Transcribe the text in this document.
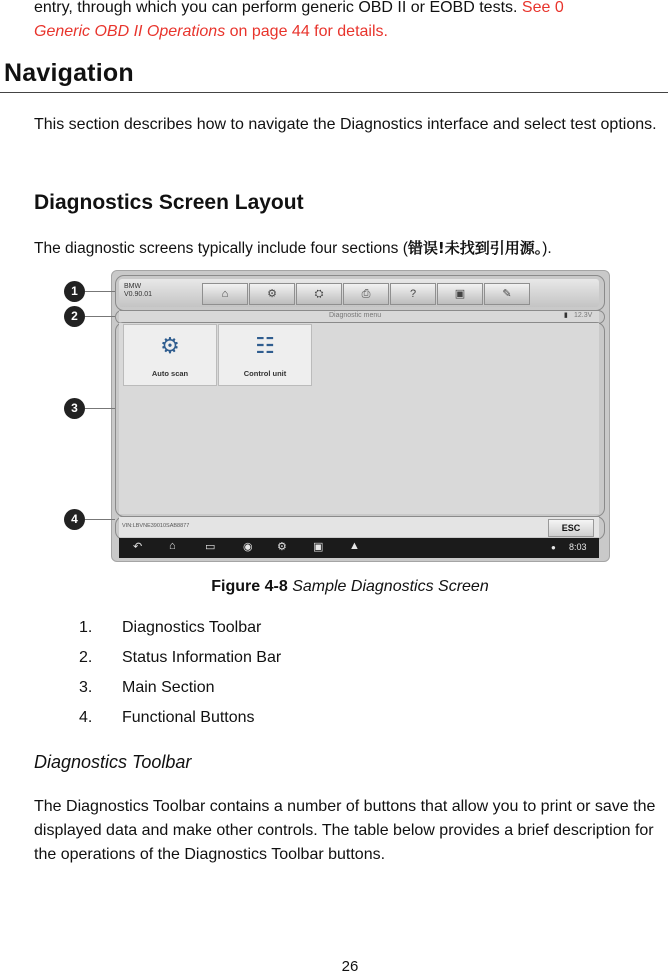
entry, through which you can perform generic OBD II or EOBD tests. See 0
Generic OBD II Operations on page 44 for details.
Navigation
This section describes how to navigate the Diagnostics interface and select test options.
Diagnostics Screen Layout
The diagnostic screens typically include four sections (错误!未找到引用源。).
1
2
3
4
BMW
V0.90.01	⌂	⚙	⛭	⎙	?	▣	✎
Diagnostic menu	▮ 12.3V
⚙
Auto scan
☷
Control unit
VIN:LBVNE39010SAB8877	ESC
↶ ⌂	▭	◉ ⚙ ▣ ▲	● 8:03
Figure 4-8 Sample Diagnostics Screen
1. Diagnostics Toolbar
2. Status Information Bar
3. Main Section
4. Functional Buttons
Diagnostics Toolbar
The Diagnostics Toolbar contains a number of buttons that allow you to print or save the displayed data and make other controls. The table below provides a brief description for the operations of the Diagnostics Toolbar buttons.
26
